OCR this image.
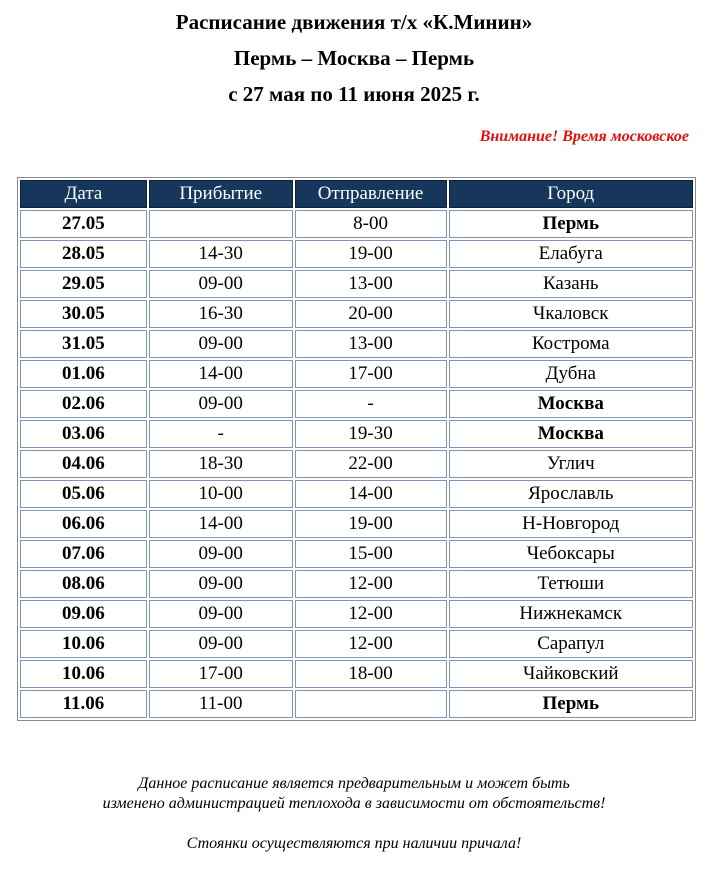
Расписание движения т/х «К.Минин»
Пермь – Москва – Пермь
с 27 мая по 11 июня 2025 г.
Внимание! Время московское
Дата	Прибытие	Отправление	Город
27.05		8-00	Пермь
28.05	14-30	19-00	Елабуга
29.05	09-00	13-00	Казань
30.05	16-30	20-00	Чкаловск
31.05	09-00	13-00	Кострома
01.06	14-00	17-00	Дубна
02.06	09-00	-	Москва
03.06	-	19-30	Москва
04.06	18-30	22-00	Углич
05.06	10-00	14-00	Ярославль
06.06	14-00	19-00	Н-Новгород
07.06	09-00	15-00	Чебоксары
08.06	09-00	12-00	Тетюши
09.06	09-00	12-00	Нижнекамск
10.06	09-00	12-00	Сарапул
10.06	17-00	18-00	Чайковский
11.06	11-00		Пермь
Данное расписание является предварительным и может быть
изменено администрацией теплохода в зависимости от обстоятельств!
Стоянки осуществляются при наличии причала!
